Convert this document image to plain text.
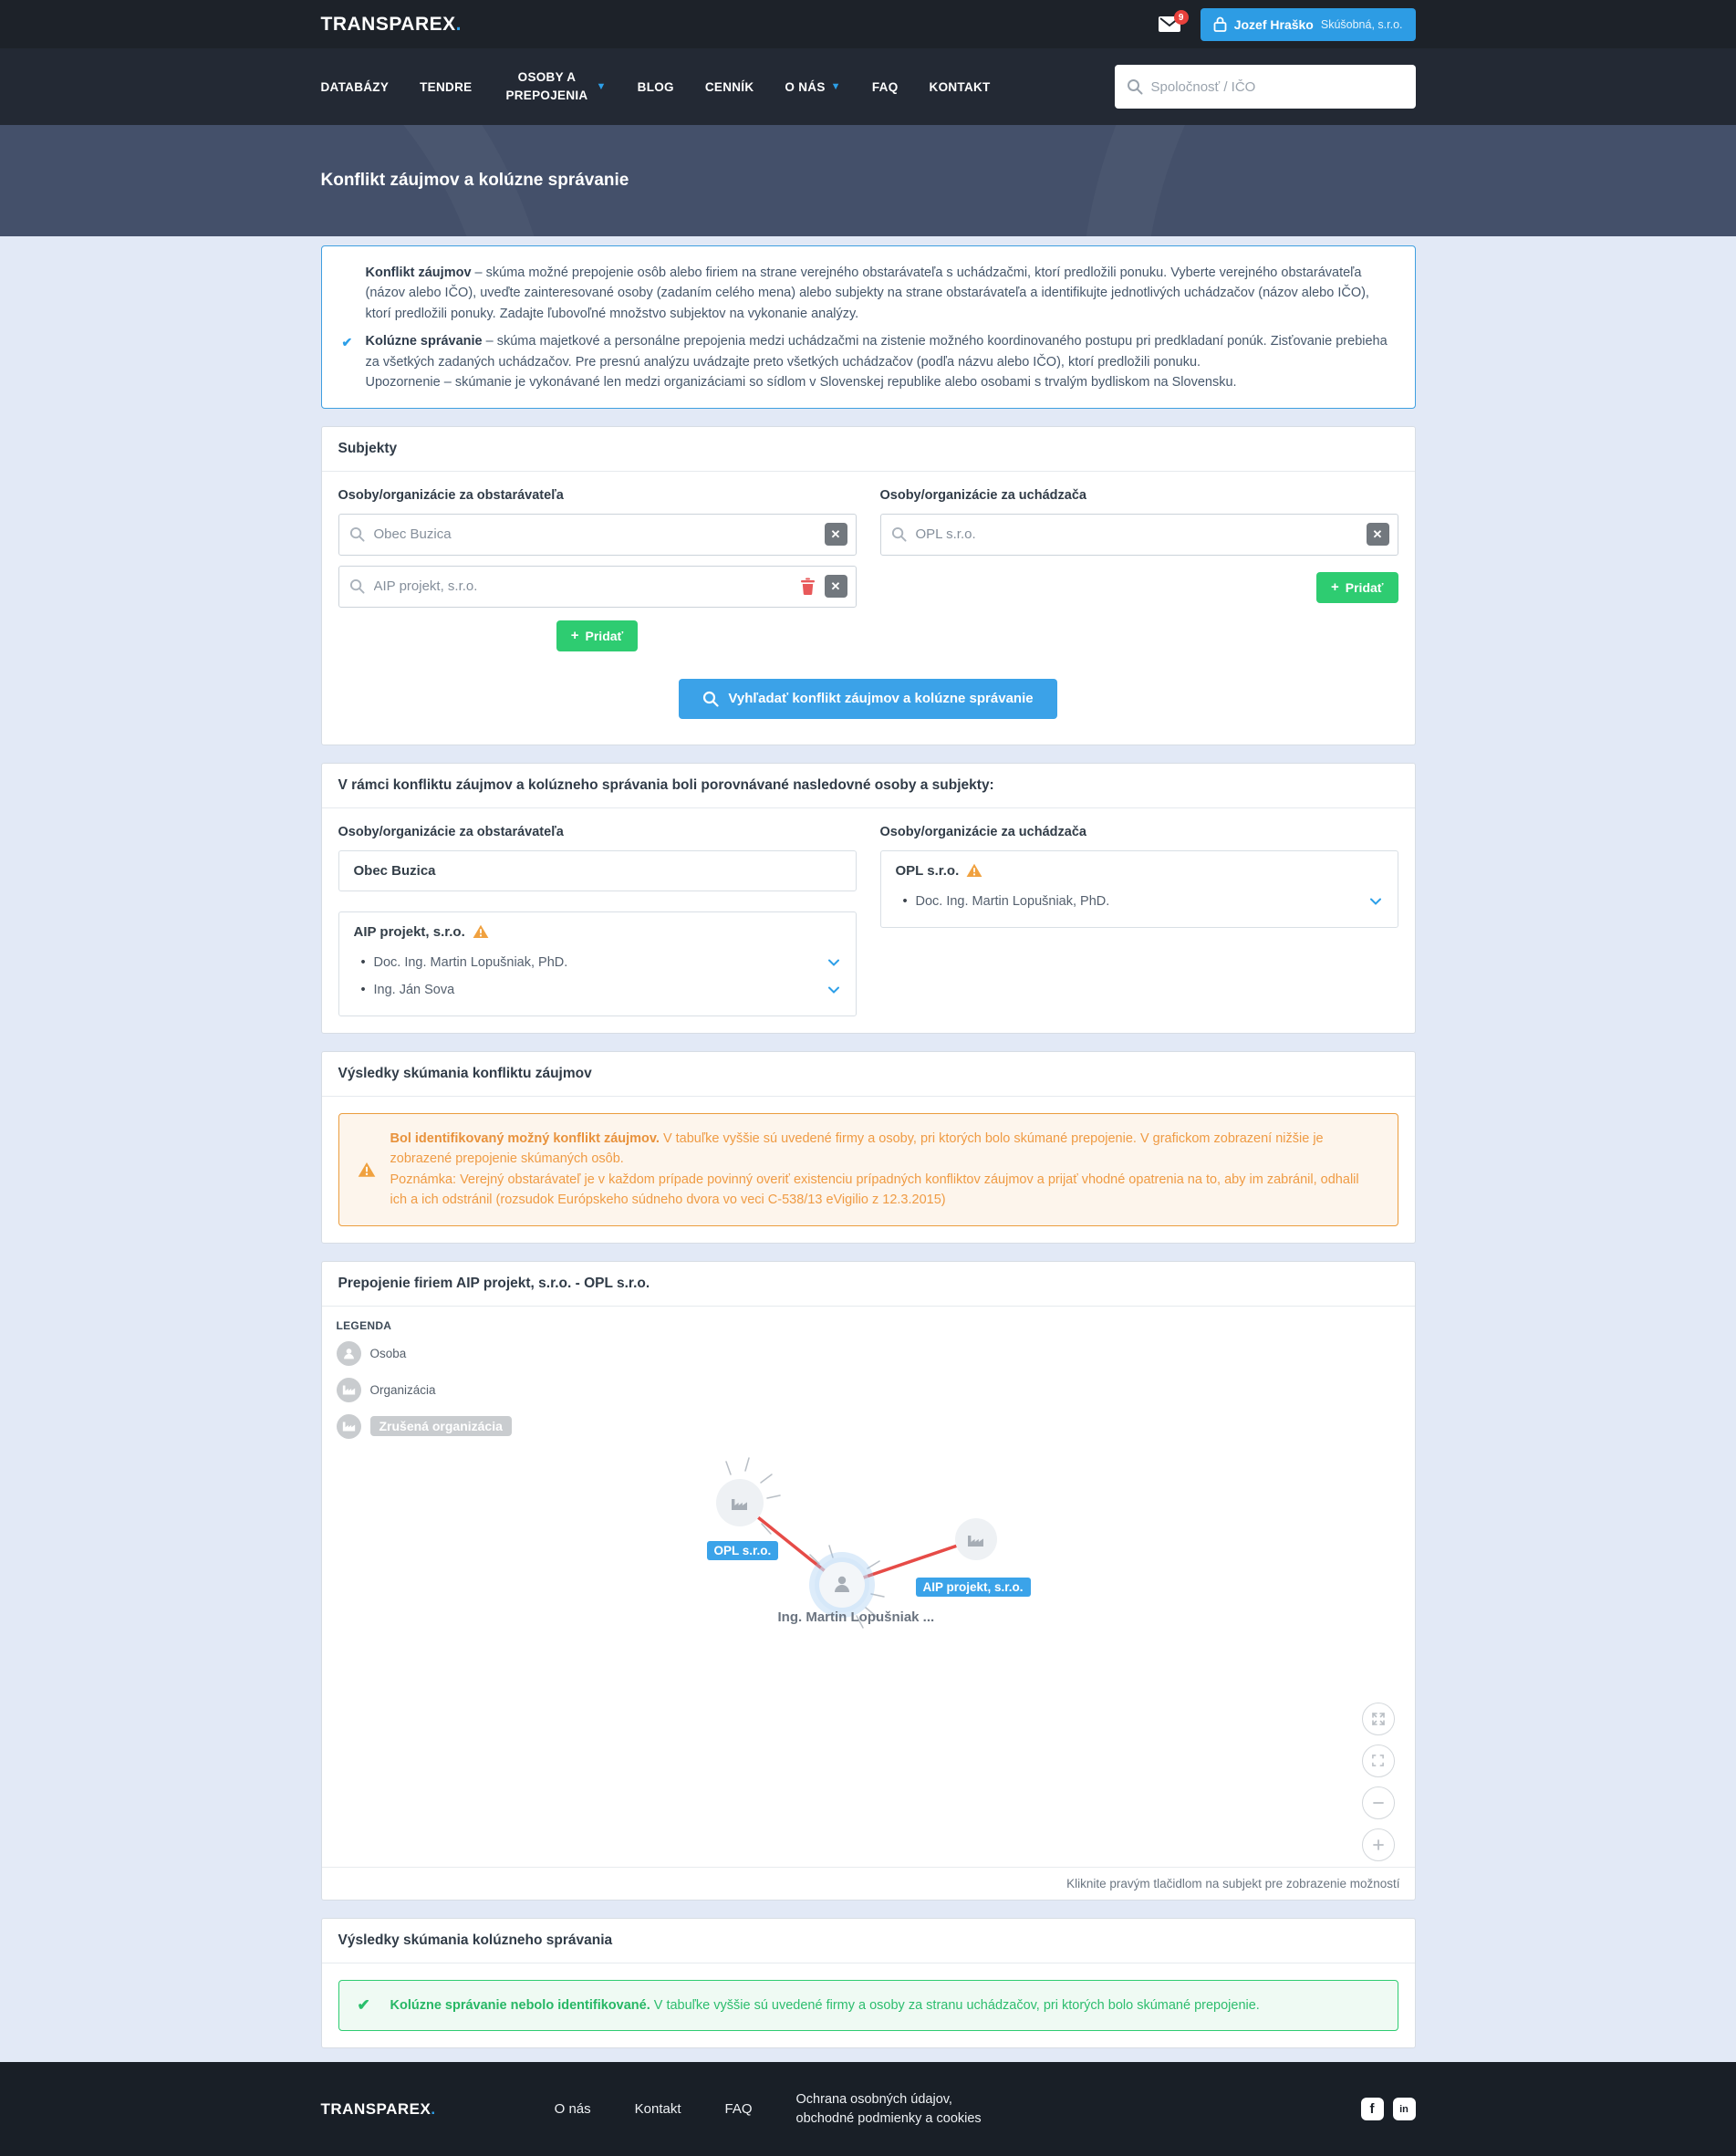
TRANSPAREX.	9	Jozef Hraško Skúšobná, s.r.o.
DATABÁZY	TENDRE
OSOBY A PREPOJENIA
▼	BLOG	CENNÍK	O NÁS ▼	FAQ	KONTAKT
Spoločnosť / IČO
Konflikt záujmov a kolúzne správanie
Konflikt záujmov – skúma možné prepojenie osôb alebo firiem na strane verejného obstarávateľa s uchádzačmi, ktorí predložili ponuku. Vyberte verejného obstarávateľa (názov alebo IČO), uveďte zainteresované osoby (zadaním celého mena) alebo subjekty na strane obstarávateľa a identifikujte jednotlivých uchádzačov (názov alebo IČO), ktorí predložili ponuky. Zadajte ľubovoľné množstvo subjektov na vykonanie analýzy.
✔ Kolúzne správanie – skúma majetkové a personálne prepojenia medzi uchádzačmi na zistenie možného koordinovaného postupu pri predkladaní ponúk. Zisťovanie prebieha za všetkých zadaných uchádzačov. Pre presnú analýzu uvádzajte preto všetkých uchádzačov (podľa názvu alebo IČO), ktorí predložili ponuku.
Upozornenie – skúmanie je vykonávané len medzi organizáciami so sídlom v Slovenskej republike alebo osobami s trvalým bydliskom na Slovensku.
Subjekty
Osoby/organizácie za obstarávateľa
Obec Buzica
✕
AIP projekt, s.r.o.
✕
+ Pridať
Osoby/organizácie za uchádzača
OPL s.r.o.
✕
+ Pridať
Vyhľadať konflikt záujmov a kolúzne správanie
V rámci konfliktu záujmov a kolúzneho správania boli porovnávané nasledovné osoby a subjekty:
Osoby/organizácie za obstarávateľa
Obec Buzica
AIP projekt, s.r.o.
• Doc. Ing. Martin Lopušniak, PhD.
• Ing. Ján Sova
Osoby/organizácie za uchádzača
OPL s.r.o.
• Doc. Ing. Martin Lopušniak, PhD.
Výsledky skúmania konfliktu záujmov
Bol identifikovaný možný konflikt záujmov. V tabuľke vyššie sú uvedené firmy a osoby, pri ktorých bolo skúmané prepojenie. V grafickom zobrazení nižšie je zobrazené prepojenie skúmaných osôb.
Poznámka: Verejný obstarávateľ je v každom prípade povinný overiť existenciu prípadných konfliktov záujmov a prijať vhodné opatrenia na to, aby im zabránil, odhalil ich a ich odstránil (rozsudok Európskeho súdneho dvora vo veci C-538/13 eVigilio z 12.3.2015)
Prepojenie firiem AIP projekt, s.r.o. - OPL s.r.o.
LEGENDA
Osoba
Organizácia
Zrušená organizácia
OPL s.r.o.
AIP projekt, s.r.o.
Ing. Martin Lopušniak ...
Kliknite pravým tlačidlom na subjekt pre zobrazenie možností
Výsledky skúmania kolúzneho správania
✔ Kolúzne správanie nebolo identifikované. V tabuľke vyššie sú uvedené firmy a osoby za stranu uchádzačov, pri ktorých bolo skúmané prepojenie.
TRANSPAREX.	O nás	Kontakt	FAQ
Ochrana osobných údajov,
obchodné podmienky a cookies
f	in
